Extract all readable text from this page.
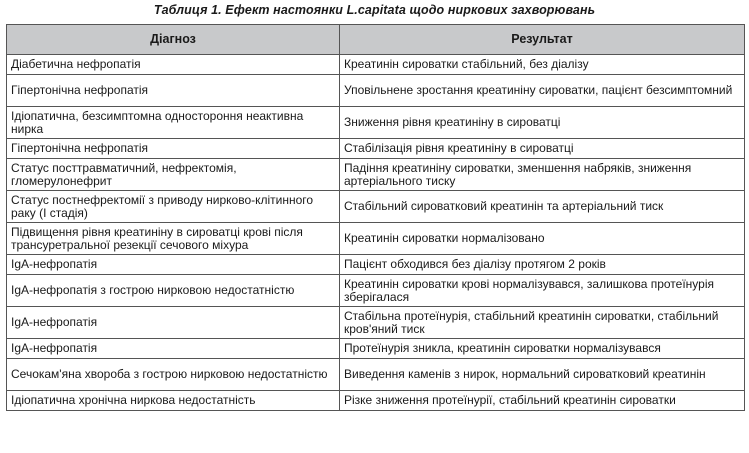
Таблиця 1. Ефект настоянки L.capitata щодо ниркових захворювань
Діагноз	Результат
Діабетична нефропатія	Креатинін сироватки стабільний, без діалізу
Гіпертонічна нефропатія	Уповільнене зростання креатиніну сироватки, пацієнт безсимптомний
Ідіопатична, безсимптомна одностороння неактивна нирка	Зниження рівня креатиніну в сироватці
Гіпертонічна нефропатія	Стабілізація рівня креатиніну в сироватці
Статус посттравматичний, нефректомія, гломерулонефрит	Падіння креатиніну сироватки, зменшення набряків, зниження артеріального тиску
Статус постнефректомії з приводу нирково-клітинного раку (I стадія)	Стабільний сироватковий креатинін та артеріальний тиск
Підвищення рівня креатиніну в сироватці крові після трансуретральної резекції сечового міхура	Креатинін сироватки нормалізовано
IgA-нефропатія	Пацієнт обходився без діалізу протягом 2 років
IgA-нефропатія з гострою нирковою недостатністю	Креатинін сироватки крові нормалізувався, залишкова протеїнурія зберігалася
IgA-нефропатія	Стабільна протеїнурія, стабільний креатинін сироватки, стабільний кров'яний тиск
IgA-нефропатія	Протеїнурія зникла, креатинін сироватки нормалізувався
Сечокам'яна хвороба з гострою нирковою недостатністю	Виведення каменів з нирок, нормальний сироватковий креатинін
Ідіопатична хронічна ниркова недостатність	Різке зниження протеїнурії, стабільний креатинін сироватки
